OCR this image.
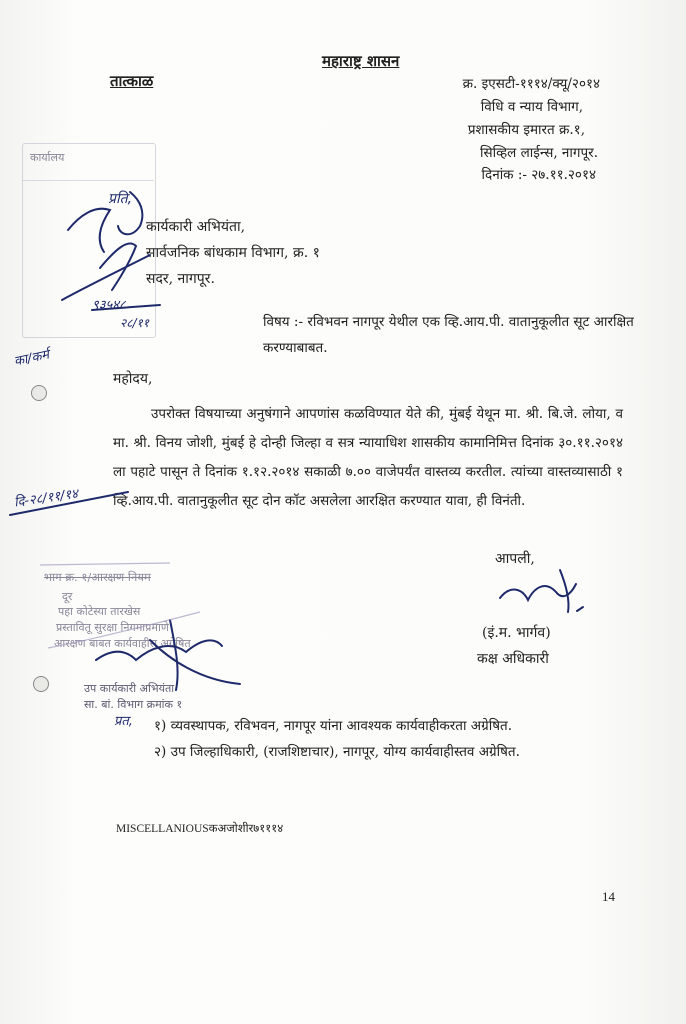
कार्यालय
महाराष्ट्र शासन
तात्काळ	क्र. इएसटी-१११४/क्यू/२०१४
विधि व न्याय विभाग,
प्रशासकीय इमारत क्र.१,
सिव्हिल लाईन्स, नागपूर.
दिनांक :- २७.११.२०१४
प्रति,
कार्यकारी अभियंता,
सार्वजनिक बांधकाम विभाग, क्र. १
सदर, नागपूर.
९३५४८
२८/११
का/कर्म
विषय :- रविभवन नागपूर येथील एक व्हि.आय.पी. वातानुकूलीत सूट आरक्षित करण्याबाबत.
महोदय,
उपरोक्त विषयाच्या अनुषंगाने आपणांस कळविण्यात येते की, मुंबई येथून मा. श्री. बि.जे. लोया, व मा. श्री. विनय जोशी, मुंबई हे दोन्ही जिल्हा व सत्र न्यायाधिश शासकीय कामानिमित्त दिनांक ३०.११.२०१४ ला पहाटे पासून ते दिनांक १.१२.२०१४ सकाळी ७.०० वाजेपर्यंत वास्तव्य करतील. त्यांच्या वास्तव्यासाठी १ व्हि.आय.पी. वातानुकूलीत सूट दोन कॉट असलेला आरक्षित करण्यात यावा, ही विनंती.
दि-२८/११/१४
भाग क्र. १/आरक्षण नियम
दूर
पहा कोटेस्या तारखेस
प्रस्तावितू सुरक्षा निगमाप्रमाणे
आरक्षण बाबत कार्यवाहीस अग्रेषित
उप कार्यकारी अभियंता
सा. बां. विभाग क्रमांक १
आपली,
(इं.म. भार्गव)
कक्ष अधिकारी
प्रत, १) व्यवस्थापक, रविभवन, नागपूर यांना आवश्यक कार्यवाहीकरता अग्रेषित.
२) उप जिल्हाधिकारी, (राजशिष्टाचार), नागपूर, योग्य कार्यवाहीस्तव अग्रेषित.
MISCELLANIOUSकअजोशीर७१११४
14
